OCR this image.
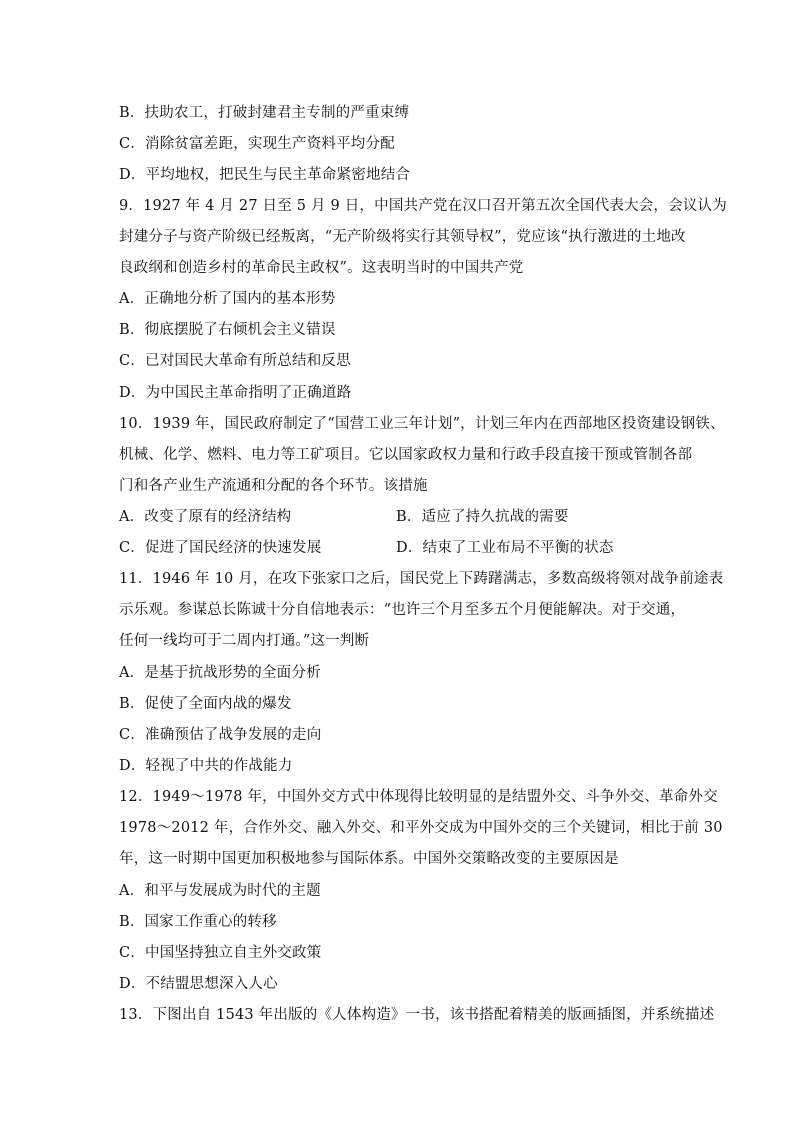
B．扶助农工，打破封建君主专制的严重束缚
C．消除贫富差距，实现生产资料平均分配
D．平均地权，把民生与民主革命紧密地结合
9．1927 年 4 月 27 日至 5 月 9 日，中国共产党在汉口召开第五次全国代表大会，会议认为
封建分子与资产阶级已经叛离，“无产阶级将实行其领导权”，党应该“执行激进的土地改
良政纲和创造乡村的革命民主政权”。这表明当时的中国共产党
A．正确地分析了国内的基本形势
B．彻底摆脱了右倾机会主义错误
C．已对国民大革命有所总结和反思
D．为中国民主革命指明了正确道路
10．1939 年，国民政府制定了“国营工业三年计划”，计划三年内在西部地区投资建设钢铁、
机械、化学、燃料、电力等工矿项目。它以国家政权力量和行政手段直接干预或管制各部
门和各产业生产流通和分配的各个环节。该措施
A．改变了原有的经济结构	B．适应了持久抗战的需要
C．促进了国民经济的快速发展	D．结束了工业布局不平衡的状态
11．1946 年 10 月，在攻下张家口之后，国民党上下踌躇满志，多数高级将领对战争前途表
示乐观。参谋总长陈诚十分自信地表示：“也许三个月至多五个月便能解决。对于交通，
任何一线均可于二周内打通。”这一判断
A．是基于抗战形势的全面分析
B．促使了全面内战的爆发
C．准确预估了战争发展的走向
D．轻视了中共的作战能力
12．1949～1978 年，中国外交方式中体现得比较明显的是结盟外交、斗争外交、革命外交
1978～2012 年，合作外交、融入外交、和平外交成为中国外交的三个关键词，相比于前 30
年，这一时期中国更加积极地参与国际体系。中国外交策略改变的主要原因是
A．和平与发展成为时代的主题
B．国家工作重心的转移
C．中国坚持独立自主外交政策
D．不结盟思想深入人心
13．下图出自 1543 年出版的《人体构造》一书，该书搭配着精美的版画插图，并系统描述
